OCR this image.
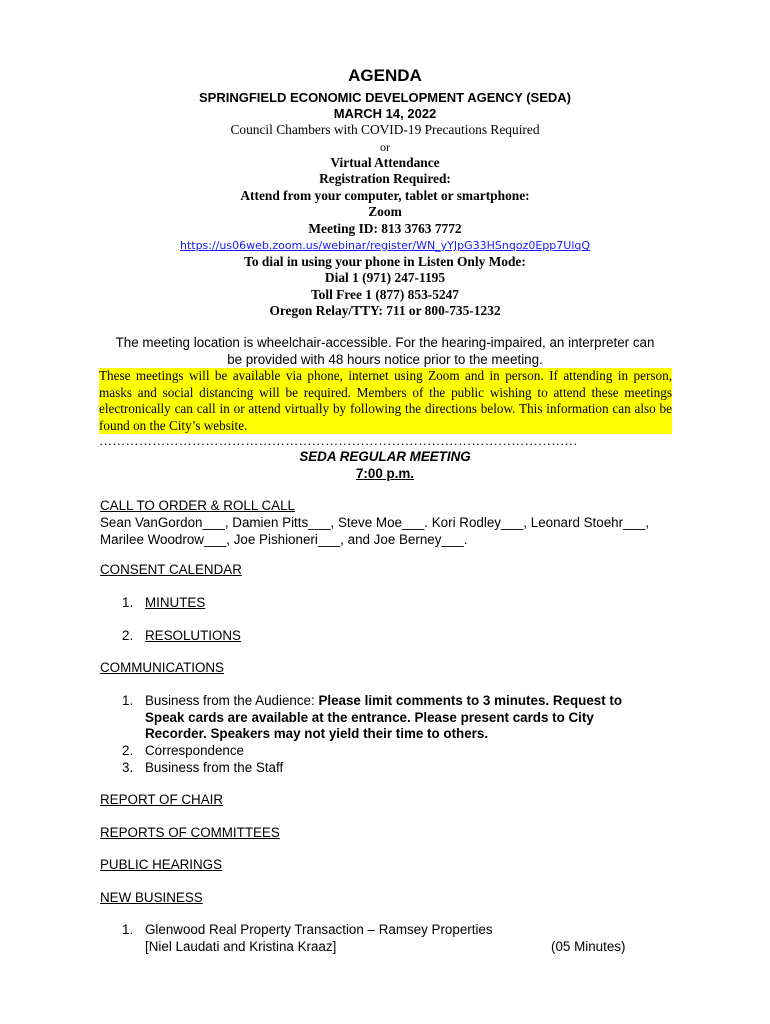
AGENDA
SPRINGFIELD ECONOMIC DEVELOPMENT AGENCY (SEDA)
MARCH 14, 2022
Council Chambers with COVID-19 Precautions Required
or
Virtual Attendance
Registration Required:
Attend from your computer, tablet or smartphone:
Zoom
Meeting ID: 813 3763 7772
https://us06web.zoom.us/webinar/register/WN_yYJpG33HSnqoz0Epp7UlqQ
To dial in using your phone in Listen Only Mode:
Dial 1 (971) 247-1195
Toll Free 1 (877) 853-5247
Oregon Relay/TTY: 711 or 800-735-1232
The meeting location is wheelchair-accessible. For the hearing-impaired, an interpreter can
be provided with 48 hours notice prior to the meeting.
These meetings will be available via phone, internet using Zoom and in person. If attending in person, masks and social distancing will be required. Members of the public wishing to attend these meetings electronically can call in or attend virtually by following the directions below. This information can also be found on the City’s website.
………………………………………………………………………………………………
SEDA REGULAR MEETING
7:00 p.m.
CALL TO ORDER & ROLL CALL
Sean VanGordon___, Damien Pitts___, Steve Moe___. Kori Rodley___, Leonard Stoehr___,
Marilee Woodrow___, Joe Pishioneri___, and Joe Berney___.
CONSENT CALENDAR
1. MINUTES
2. RESOLUTIONS
COMMUNICATIONS
1. Business from the Audience: Please limit comments to 3 minutes. Request to
Speak cards are available at the entrance. Please present cards to City
Recorder. Speakers may not yield their time to others.
2. Correspondence
3. Business from the Staff
REPORT OF CHAIR
REPORTS OF COMMITTEES
PUBLIC HEARINGS
NEW BUSINESS
1. Glenwood Real Property Transaction – Ramsey Properties
[Niel Laudati and Kristina Kraaz]	(05 Minutes)
